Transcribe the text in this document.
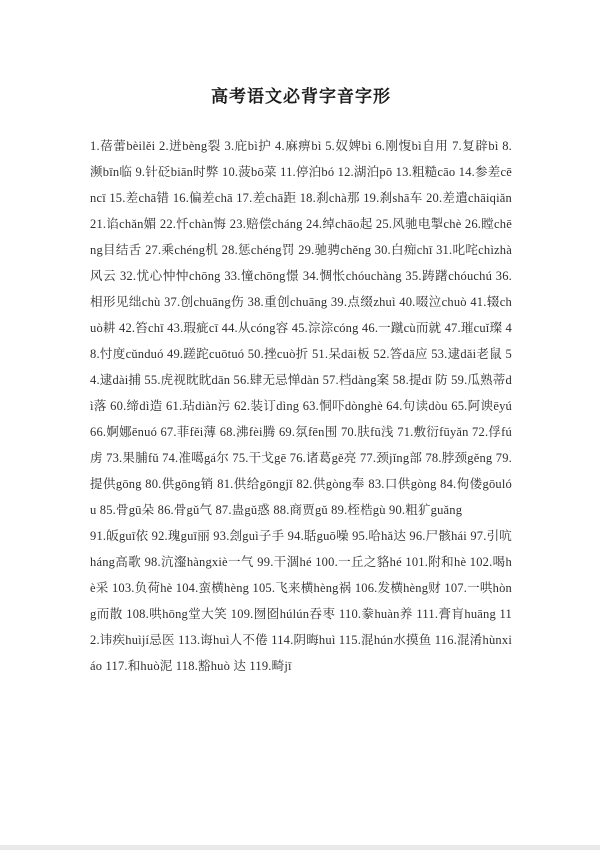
高考语文必背字音字形

1.蓓蕾bèilěi 2.迸bèng裂 3.庇bì护 4.麻痹bì 5.奴婢bì 6.刚愎bì自用 7.复辟bì 8.濒bīn临 9.针砭biān时弊 10.菠bō菜 11.停泊bó 12.湖泊pō 13.粗糙cāo 14.参差cēncī 15.差chā错 16.偏差chā 17.差chā距 18.刹chà那 19.刹shā车 20.差遣chāiqiǎn 21.谄chǎn媚 22.忏chàn悔 23.赔偿cháng 24.绰chāo起 25.风驰电掣chè 26.瞠chēng目结舌 27.乘chéng机 28.惩chéng罚 29.驰骋chěng 30.白痴chī 31.叱咤chìzhà风云 32.忧心忡忡chōng 33.憧chōng憬 34.惆怅chóuchàng 35.踌躇chóuchú 36.相形见绌chù 37.创chuāng伤 38.重创chuāng 39.点缀zhuì 40.啜泣chuò 41.辍chuò耕 42.笞chī 43.瑕疵cī 44.从cóng容 45.淙淙cóng 46.一蹴cù而就 47.璀cuǐ璨 48.忖度cǔnduó 49.蹉跎cuōtuó 50.挫cuò折 51.呆dāi板 52.答dā应 53.逮dǎi老鼠 54.逮dài捕 55.虎视眈眈dān 56.肆无忌惮dàn 57.档dàng案 58.提dī 防 59.瓜熟蒂dì落 60.缔dì造 61.玷diàn污 62.装订dìng 63.恫吓dònghè 64.句读dòu 65.阿谀ēyú 66.婀娜ēnuó 67.菲fěi薄 68.沸fèi腾 69.氛fēn围 70.肤fū浅 71.敷衍fūyǎn 72.俘fú虏 73.果脯fǔ 74.准噶gá尔 75.干戈gē 76.诸葛gě亮 77.颈jǐng部 78.脖颈gěng 79.提供gōng 80.供gōng销 81.供给gōngjǐ 82.供gòng奉 83.口供gòng 84.佝偻gōulóu 85.骨gū朵 86.骨gǔ气 87.蛊gǔ惑 88.商贾gǔ 89.桎梏gù 90.粗犷guǎng

91.皈guī依 92.瑰guī丽 93.刽guì子手 94.聒guō噪 95.哈hǎ达 96.尸骸hái 97.引吭háng高歌 98.沆瀣hàngxiè一气 99.干涸hé 100.一丘之貉hé 101.附和hè 102.喝hè采 103.负荷hè 104.蛮横hèng 105.飞来横hèng祸 106.发横hèng财 107.一哄hòng而散 108.哄hōng堂大笑 109.囫囵húlún吞枣 110.豢huàn养 111.膏肓huāng 112.讳疾huìjí忌医 113.诲huì人不倦 114.阴晦huì 115.混hún水摸鱼 116.混淆hùnxiáo 117.和huò泥 118.豁huò 达 119.畸jī
